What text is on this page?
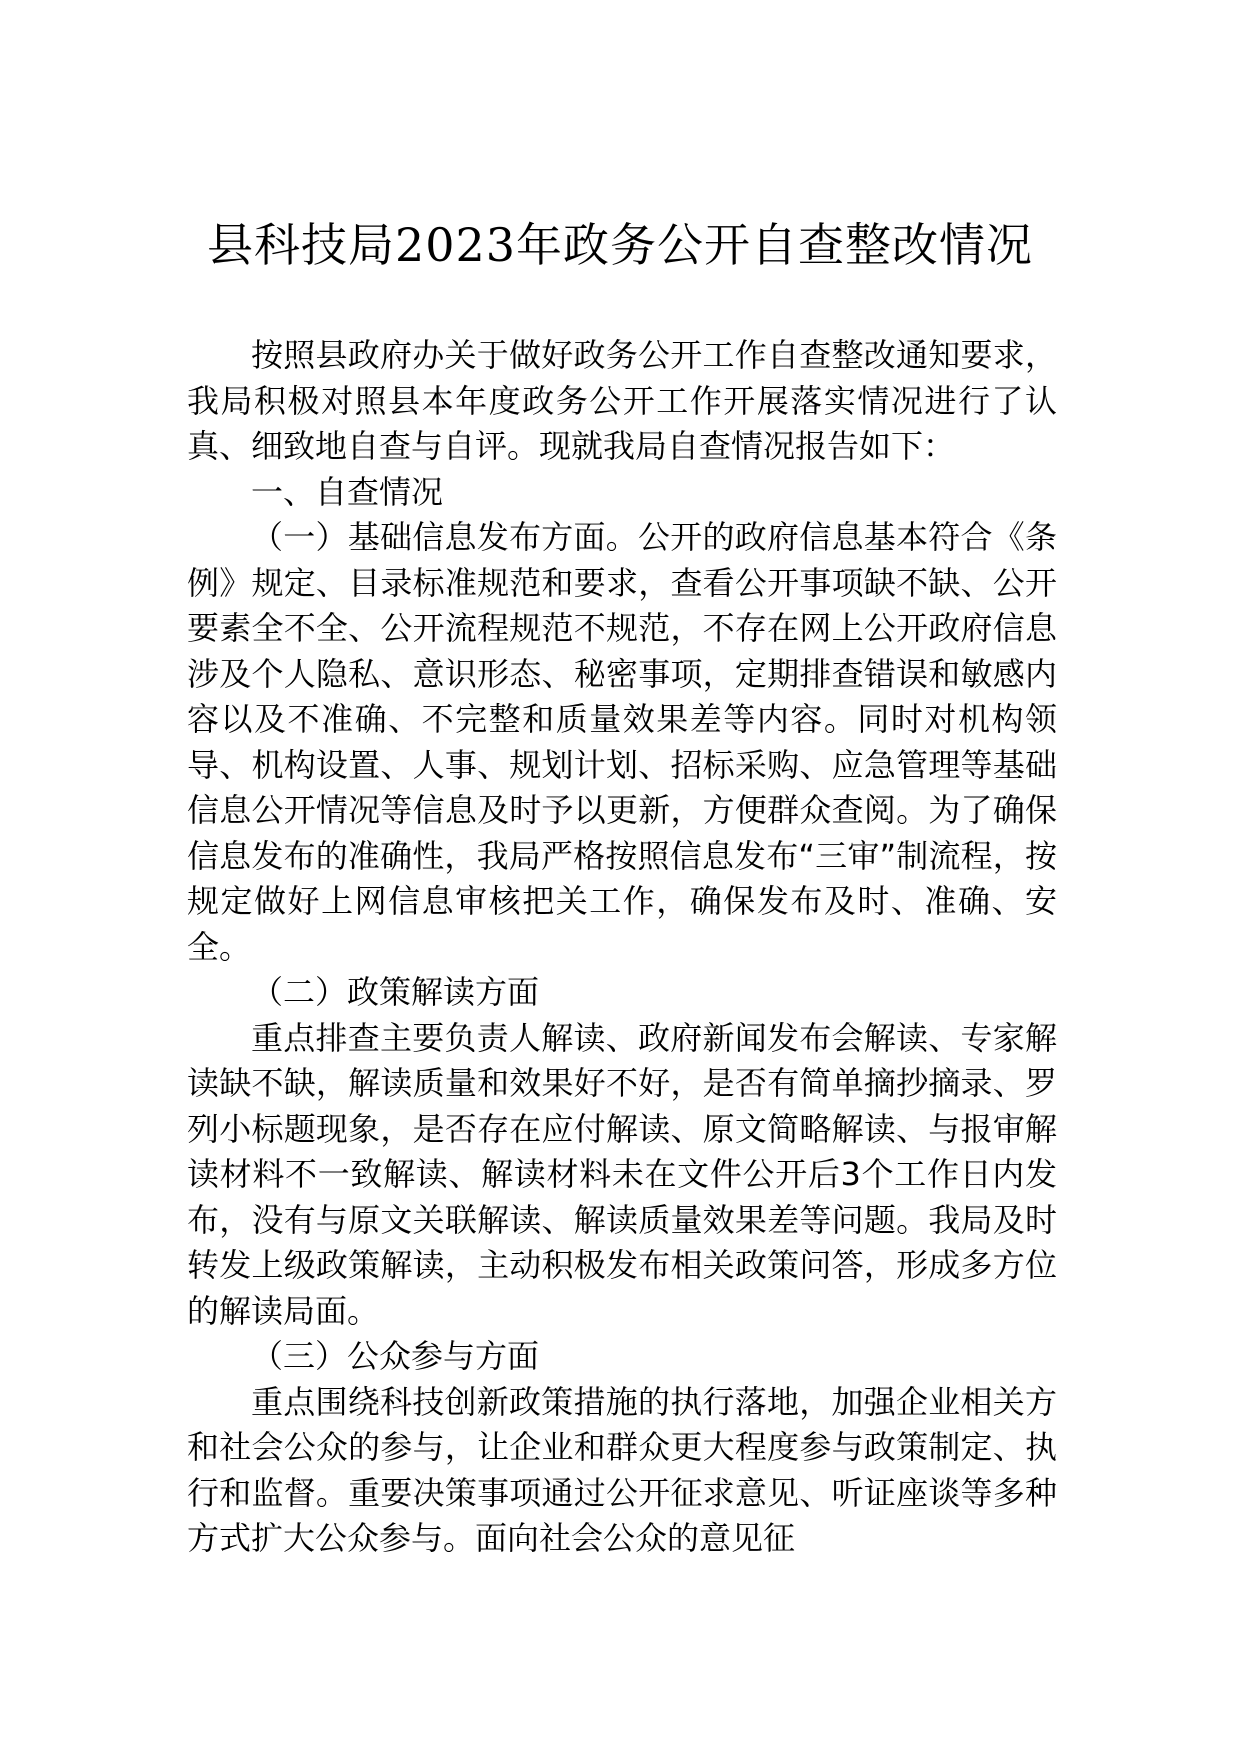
县科技局2023年政务公开自查整改情况

按照县政府办关于做好政务公开工作自查整改通知要求，我局积极对照县本年度政务公开工作开展落实情况进行了认真、细致地自查与自评。现就我局自查情况报告如下：

一、自查情况

（一）基础信息发布方面。公开的政府信息基本符合《条例》规定、目录标准规范和要求，查看公开事项缺不缺、公开要素全不全、公开流程规范不规范，不存在网上公开政府信息涉及个人隐私、意识形态、秘密事项，定期排查错误和敏感内容以及不准确、不完整和质量效果差等内容。同时对机构领导、机构设置、人事、规划计划、招标采购、应急管理等基础信息公开情况等信息及时予以更新，方便群众查阅。为了确保信息发布的准确性，我局严格按照信息发布“三审”制流程，按规定做好上网信息审核把关工作，确保发布及时、准确、安全。

（二）政策解读方面

重点排查主要负责人解读、政府新闻发布会解读、专家解读缺不缺，解读质量和效果好不好，是否有简单摘抄摘录、罗列小标题现象，是否存在应付解读、原文简略解读、与报审解读材料不一致解读、解读材料未在文件公开后3个工作日内发布，没有与原文关联解读、解读质量效果差等问题。我局及时转发上级政策解读，主动积极发布相关政策问答，形成多方位的解读局面。

（三）公众参与方面

重点围绕科技创新政策措施的执行落地，加强企业相关方和社会公众的参与，让企业和群众更大程度参与政策制定、执行和监督。重要决策事项通过公开征求意见、听证座谈等多种方式扩大公众参与。面向社会公众的意见征
